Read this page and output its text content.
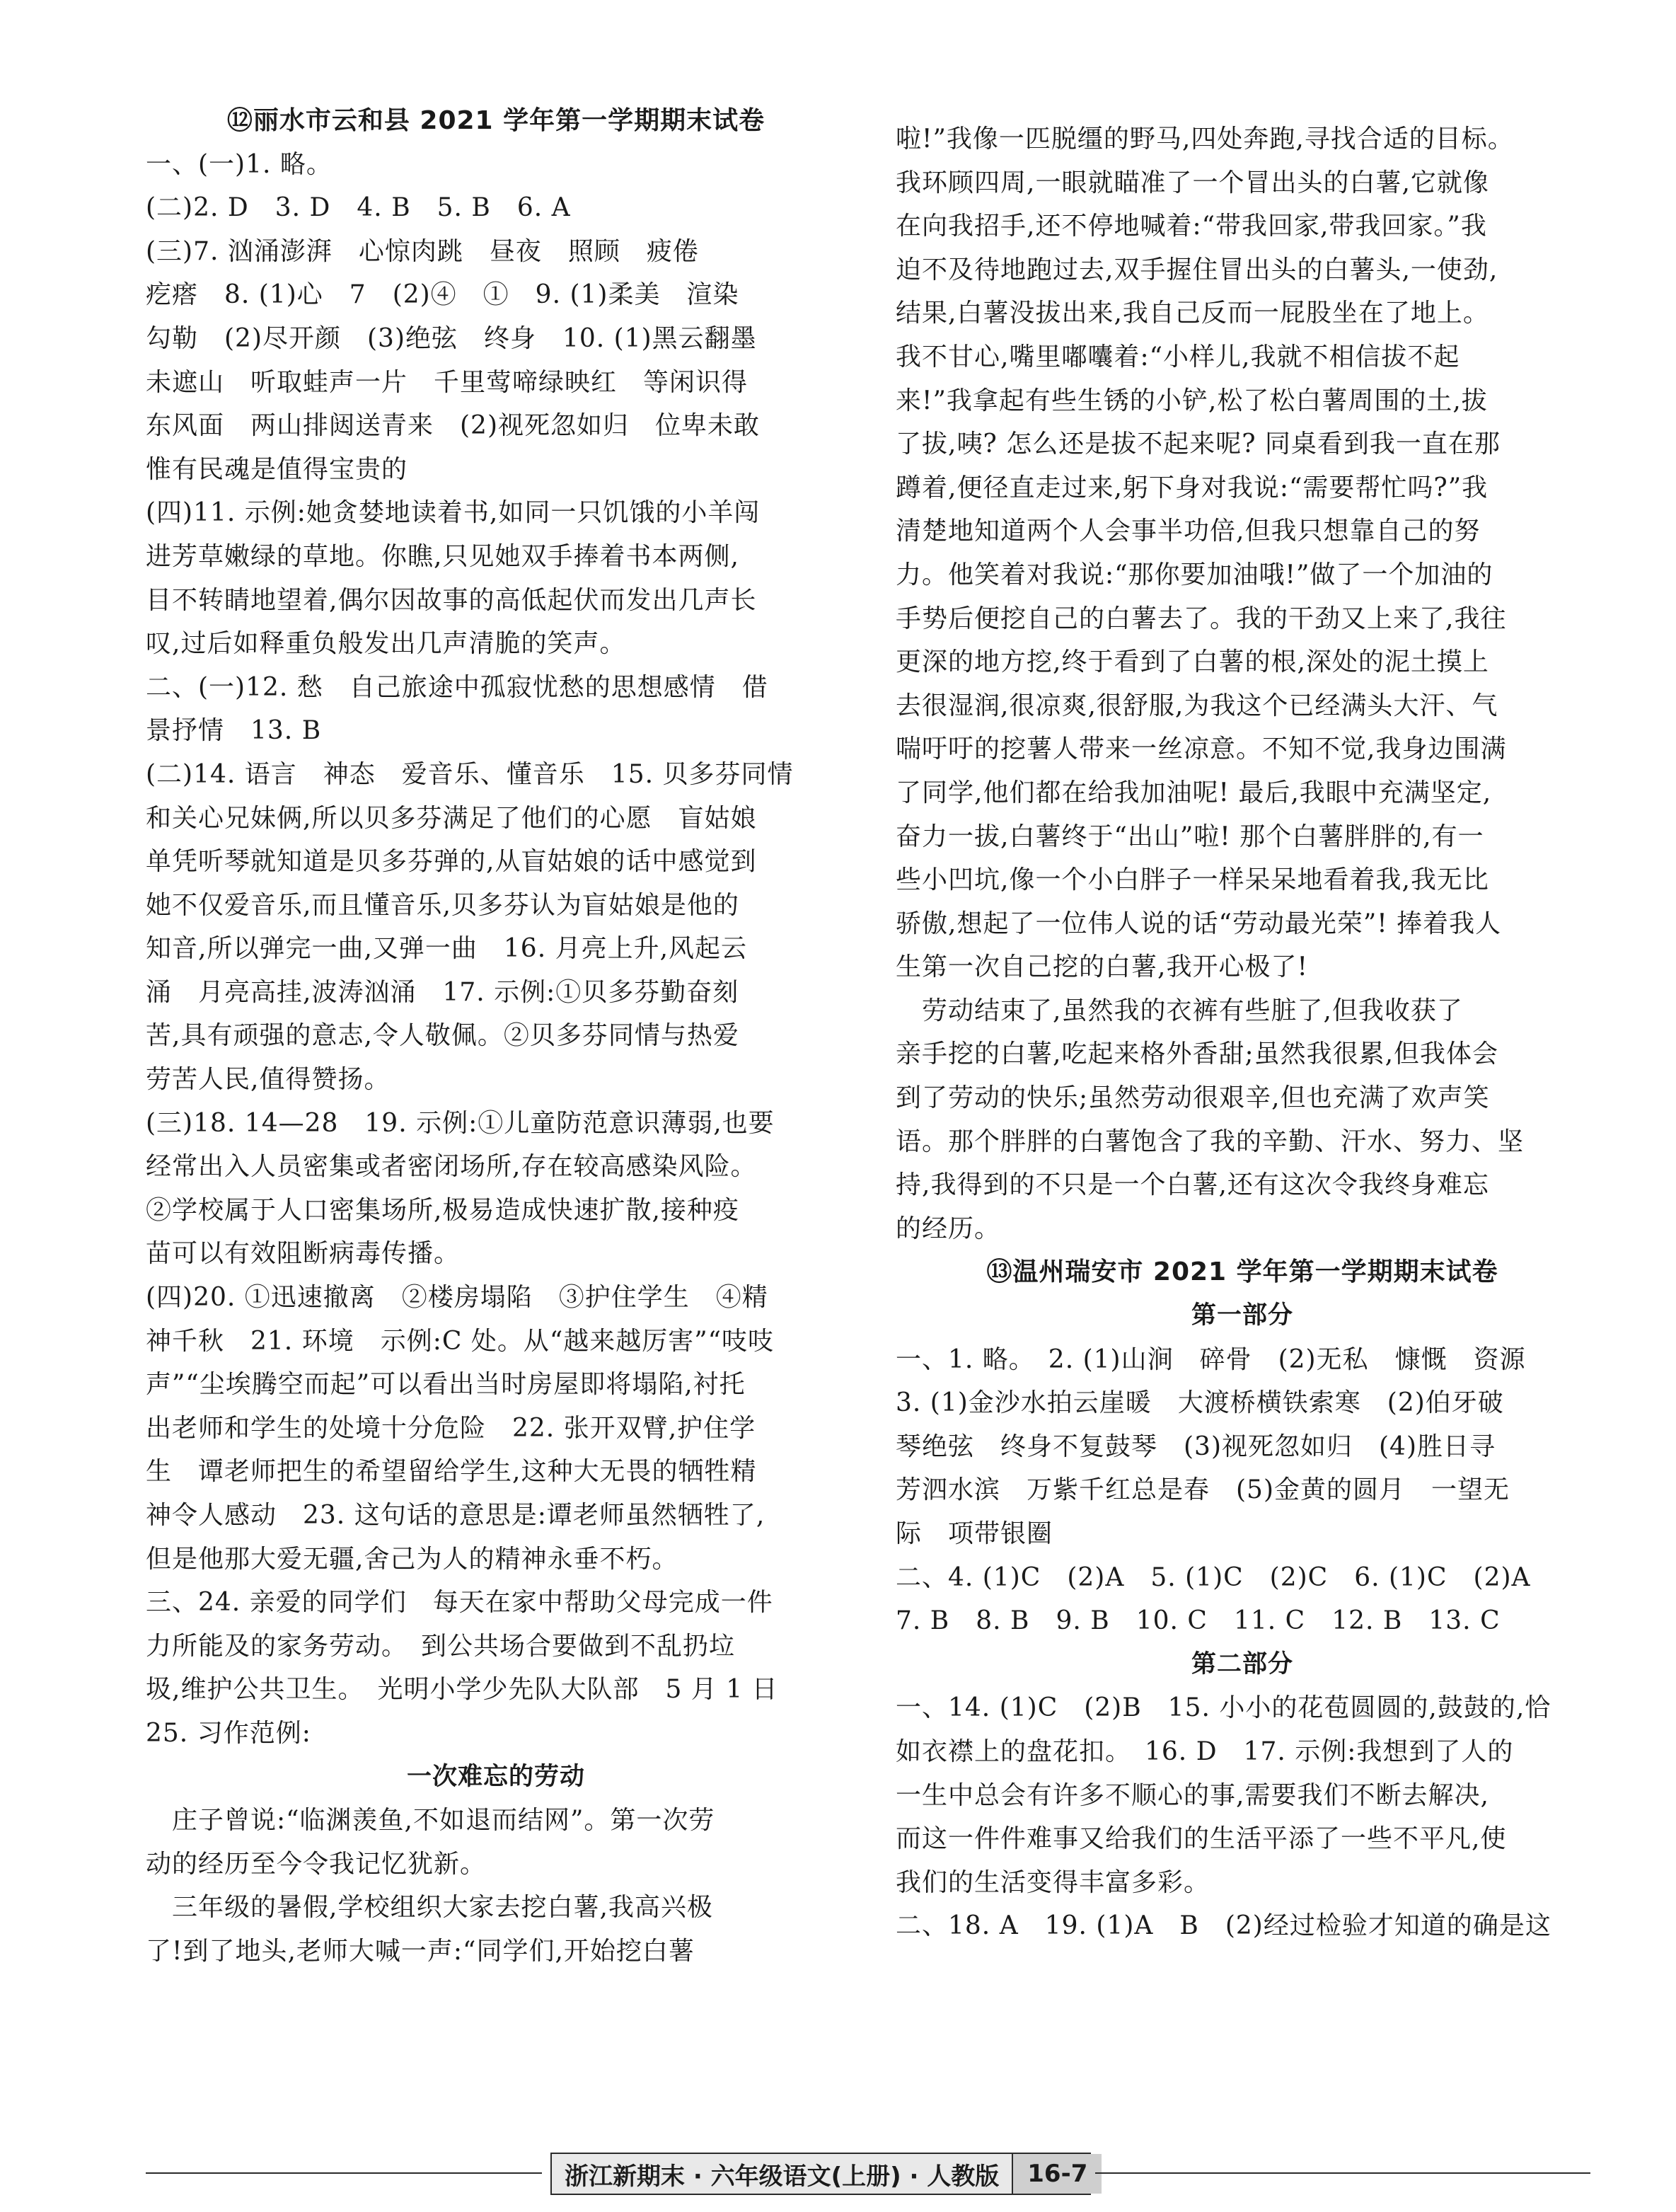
⑫丽水市云和县 2021 学年第一学期期末试卷
一、(一)1. 略。
(二)2. D　3. D　4. B　5. B　6. A
(三)7. 汹涌澎湃　心惊肉跳　昼夜　照顾　疲倦
疙瘩　8. (1)心　7　(2)④　①　9. (1)柔美　渲染
勾勒　(2)尽开颜　(3)绝弦　终身　10. (1)黑云翻墨
未遮山　听取蛙声一片　千里莺啼绿映红　等闲识得
东风面　两山排闼送青来　(2)视死忽如归　位卑未敢
惟有民魂是值得宝贵的
(四)11. 示例:她贪婪地读着书,如同一只饥饿的小羊闯
进芳草嫩绿的草地。你瞧,只见她双手捧着书本两侧,
目不转睛地望着,偶尔因故事的高低起伏而发出几声长
叹,过后如释重负般发出几声清脆的笑声。
二、(一)12. 愁　自己旅途中孤寂忧愁的思想感情　借
景抒情　13. B
(二)14. 语言　神态　爱音乐、懂音乐　15. 贝多芬同情
和关心兄妹俩,所以贝多芬满足了他们的心愿　盲姑娘
单凭听琴就知道是贝多芬弹的,从盲姑娘的话中感觉到
她不仅爱音乐,而且懂音乐,贝多芬认为盲姑娘是他的
知音,所以弹完一曲,又弹一曲　16. 月亮上升,风起云
涌　月亮高挂,波涛汹涌　17. 示例:①贝多芬勤奋刻
苦,具有顽强的意志,令人敬佩。②贝多芬同情与热爱
劳苦人民,值得赞扬。
(三)18. 14—28　19. 示例:①儿童防范意识薄弱,也要
经常出入人员密集或者密闭场所,存在较高感染风险。
②学校属于人口密集场所,极易造成快速扩散,接种疫
苗可以有效阻断病毒传播。
(四)20. ①迅速撤离　②楼房塌陷　③护住学生　④精
神千秋　21. 环境　示例:C 处。从“越来越厉害”“吱吱
声”“尘埃腾空而起”可以看出当时房屋即将塌陷,衬托
出老师和学生的处境十分危险　22. 张开双臂,护住学
生　谭老师把生的希望留给学生,这种大无畏的牺牲精
神令人感动　23. 这句话的意思是:谭老师虽然牺牲了,
但是他那大爱无疆,舍己为人的精神永垂不朽。
三、24. 亲爱的同学们　每天在家中帮助父母完成一件
力所能及的家务劳动。　到公共场合要做到不乱扔垃
圾,维护公共卫生。　光明小学少先队大队部　5 月 1 日
25. 习作范例:
一次难忘的劳动
　庄子曾说:“临渊羡鱼,不如退而结网”。第一次劳
动的经历至今令我记忆犹新。
　三年级的暑假,学校组织大家去挖白薯,我高兴极
了!到了地头,老师大喊一声:“同学们,开始挖白薯
啦!”我像一匹脱缰的野马,四处奔跑,寻找合适的目标。
我环顾四周,一眼就瞄准了一个冒出头的白薯,它就像
在向我招手,还不停地喊着:“带我回家,带我回家。”我
迫不及待地跑过去,双手握住冒出头的白薯头,一使劲,
结果,白薯没拔出来,我自己反而一屁股坐在了地上。
我不甘心,嘴里嘟囔着:“小样儿,我就不相信拔不起
来!”我拿起有些生锈的小铲,松了松白薯周围的土,拔
了拔,咦? 怎么还是拔不起来呢? 同桌看到我一直在那
蹲着,便径直走过来,躬下身对我说:“需要帮忙吗?”我
清楚地知道两个人会事半功倍,但我只想靠自己的努
力。他笑着对我说:“那你要加油哦!”做了一个加油的
手势后便挖自己的白薯去了。我的干劲又上来了,我往
更深的地方挖,终于看到了白薯的根,深处的泥土摸上
去很湿润,很凉爽,很舒服,为我这个已经满头大汗、气
喘吁吁的挖薯人带来一丝凉意。不知不觉,我身边围满
了同学,他们都在给我加油呢! 最后,我眼中充满坚定,
奋力一拔,白薯终于“出山”啦! 那个白薯胖胖的,有一
些小凹坑,像一个小白胖子一样呆呆地看着我,我无比
骄傲,想起了一位伟人说的话“劳动最光荣”! 捧着我人
生第一次自己挖的白薯,我开心极了!
　劳动结束了,虽然我的衣裤有些脏了,但我收获了
亲手挖的白薯,吃起来格外香甜;虽然我很累,但我体会
到了劳动的快乐;虽然劳动很艰辛,但也充满了欢声笑
语。那个胖胖的白薯饱含了我的辛勤、汗水、努力、坚
持,我得到的不只是一个白薯,还有这次令我终身难忘
的经历。
⑬温州瑞安市 2021 学年第一学期期末试卷
第一部分
一、1. 略。　2. (1)山涧　碎骨　(2)无私　慷慨　资源
3. (1)金沙水拍云崖暖　大渡桥横铁索寒　(2)伯牙破
琴绝弦　终身不复鼓琴　(3)视死忽如归　(4)胜日寻
芳泗水滨　万紫千红总是春　(5)金黄的圆月　一望无
际　项带银圈
二、4. (1)C　(2)A　5. (1)C　(2)C　6. (1)C　(2)A
7. B　8. B　9. B　10. C　11. C　12. B　13. C
第二部分
一、14. (1)C　(2)B　15. 小小的花苞圆圆的,鼓鼓的,恰
如衣襟上的盘花扣。　16. D　17. 示例:我想到了人的
一生中总会有许多不顺心的事,需要我们不断去解决,
而这一件件难事又给我们的生活平添了一些不平凡,使
我们的生活变得丰富多彩。
二、18. A　19. (1)A　B　(2)经过检验才知道的确是这
浙江新期末 · 六年级语文(上册) · 人教版	16-7
